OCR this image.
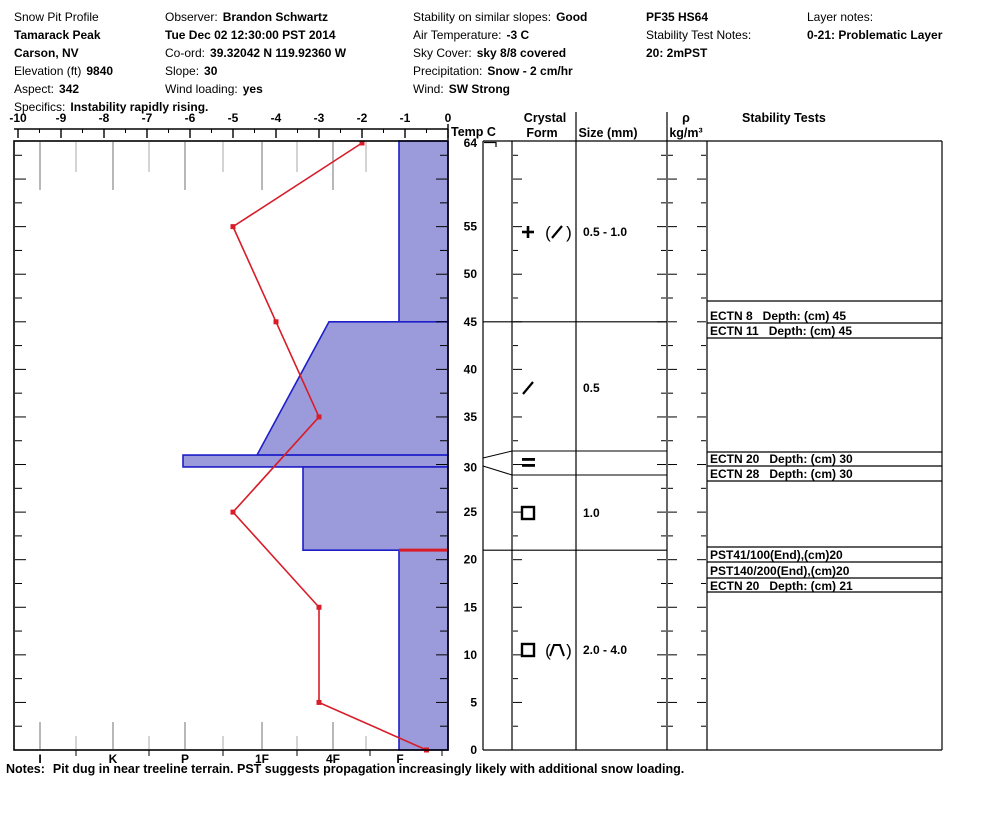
Snow Pit Profile
Tamarack Peak
Carson, NV
Elevation (ft) 9840
Aspect: 342
Specifics: Instability rapidly rising.
Observer: Brandon Schwartz
Tue Dec 02 12:30:00 PST 2014
Co-ord: 39.32042 N 119.92360 W
Slope: 30
Wind loading: yes
Stability on similar slopes: Good
Air Temperature: -3 C
Sky Cover: sky 8/8 covered
Precipitation: Snow - 2 cm/hr
Wind: SW Strong
PF35 HS64
Stability Test Notes:
20: 2mPST
Layer notes:
0-21: Problematic Layer
-10 -9	-8	-7	-6	-5	-4	-3	-2	-1	0
Temp C
64
55
50
45
40
35
30
25
20
15
10
5
0
I	K	P	1F	4F	F
Crystal
Form Size (mm)
ρ
kg/m³
Stability Tests
( ) 0.5 - 1.0
0.5
1.0
( ) 2.0 - 4.0
ECTN 8   Depth: (cm) 45
ECTN 11   Depth: (cm) 45
ECTN 20   Depth: (cm) 30
ECTN 28   Depth: (cm) 30
PST41/100(End),(cm)20
PST140/200(End),(cm)20
ECTN 20   Depth: (cm) 21
Notes: Pit dug in near treeline terrain. PST suggests propagation increasingly likely with additional snow loading.
